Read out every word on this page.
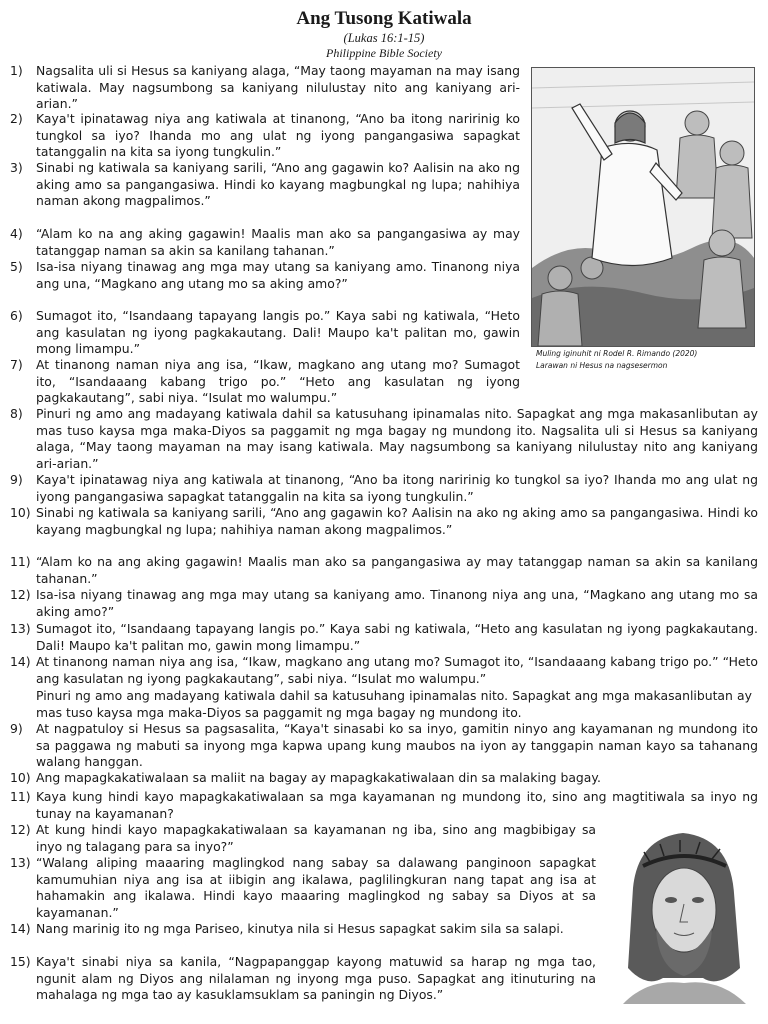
Ang Tusong Katiwala
(Lukas 16:1-15)
Philippine Bible Society
1) Nagsalita uli si Hesus sa kaniyang alaga, “May taong mayaman na may isang katiwala. May nagsumbong sa kaniyang nilulustay nito ang kaniyang ari-arian.”
2) Kaya't ipinatawag niya ang katiwala at tinanong, “Ano ba itong naririnig ko tungkol sa iyo? Ihanda mo ang ulat ng iyong pangangasiwa sapagkat tatanggalin na kita sa iyong tungkulin.”
3) Sinabi ng katiwala sa kaniyang sarili, “Ano ang gagawin ko? Aalisin na ako ng aking amo sa pangangasiwa. Hindi ko kayang magbungkal ng lupa; nahihiya naman akong magpalimos.”
4) “Alam ko na ang aking gagawin! Maalis man ako sa pangangasiwa ay may tatanggap naman sa akin sa kanilang tahanan.”
5) Isa-isa niyang tinawag ang mga may utang sa kaniyang amo. Tinanong niya ang una, “Magkano ang utang mo sa aking amo?”
6) Sumagot ito, “Isandaang tapayang langis po.” Kaya sabi ng katiwala, “Heto ang kasulatan ng iyong pagkakautang. Dali! Maupo ka't palitan mo, gawin mong limampu.”
7) At tinanong naman niya ang isa, “Ikaw, magkano ang utang mo? Sumagot ito, “Isandaaang kabang trigo po.” “Heto ang kasulatan ng iyong pagkakautang”, sabi niya. “Isulat mo walumpu.”
8) Pinuri ng amo ang madayang katiwala dahil sa katusuhang ipinamalas nito. Sapagkat ang mga makasanlibutan ay mas tuso kaysa mga maka-Diyos sa paggamit ng mga bagay ng mundong ito. Nagsalita uli si Hesus sa kaniyang alaga, “May taong mayaman na may isang katiwala. May nagsumbong sa kaniyang nilulustay nito ang kaniyang ari-arian.”
9) Kaya't ipinatawag niya ang katiwala at tinanong, “Ano ba itong naririnig ko tungkol sa iyo? Ihanda mo ang ulat ng iyong pangangasiwa sapagkat tatanggalin na kita sa iyong tungkulin.”
10) Sinabi ng katiwala sa kaniyang sarili, “Ano ang gagawin ko? Aalisin na ako ng aking amo sa pangangasiwa. Hindi ko kayang magbungkal ng lupa; nahihiya naman akong magpalimos.”
11) “Alam ko na ang aking gagawin! Maalis man ako sa pangangasiwa ay may tatanggap naman sa akin sa kanilang tahanan.”
12) Isa-isa niyang tinawag ang mga may utang sa kaniyang amo. Tinanong niya ang una, “Magkano ang utang mo sa aking amo?”
13) Sumagot ito, “Isandaang tapayang langis po.” Kaya sabi ng katiwala, “Heto ang kasulatan ng iyong pagkakautang. Dali! Maupo ka't palitan mo, gawin mong limampu.”
14) At tinanong naman niya ang isa, “Ikaw, magkano ang utang mo? Sumagot ito, “Isandaaang kabang trigo po.” “Heto ang kasulatan ng iyong pagkakautang”, sabi niya. “Isulat mo walumpu.”
Pinuri ng amo ang madayang katiwala dahil sa katusuhang ipinamalas nito. Sapagkat ang mga makasanlibutan ay mas tuso kaysa mga maka-Diyos sa paggamit ng mga bagay ng mundong ito.
9) At nagpatuloy si Hesus sa pagsasalita, “Kaya't sinasabi ko sa inyo, gamitin ninyo ang kayamanan ng mundong ito sa paggawa ng mabuti sa inyong mga kapwa upang kung maubos na iyon ay tanggapin naman kayo sa tahanang walang hanggan.
10) Ang mapagkakatiwalaan sa maliit na bagay ay mapagkakatiwalaan din sa malaking bagay.
11) Kaya kung hindi kayo mapagkakatiwalaan sa mga kayamanan ng mundong ito, sino ang magtitiwala sa inyo ng tunay na kayamanan?
12) At kung hindi kayo mapagkakatiwalaan sa kayamanan ng iba, sino ang magbibigay sa inyo ng talagang para sa inyo?”
13) “Walang aliping maaaring maglingkod nang sabay sa dalawang panginoon sapagkat kamumuhian niya ang isa at iibigin ang ikalawa, paglilingkuran nang tapat ang isa at hahamakin ang ikalawa. Hindi kayo maaaring maglingkod ng sabay sa Diyos at sa kayamanan.”
14) Nang marinig ito ng mga Pariseo, kinutya nila si Hesus sapagkat sakim sila sa salapi.
15) Kaya't sinabi niya sa kanila, “Nagpapanggap kayong matuwid sa harap ng mga tao, ngunit alam ng Diyos ang nilalaman ng inyong mga puso. Sapagkat ang itinuturing na mahalaga ng mga tao ay kasuklamsuklam sa paningin ng Diyos.”
Muling iginuhit ni Rodel R. Rimando (2020)
Larawan ni Hesus na nagsesermon
